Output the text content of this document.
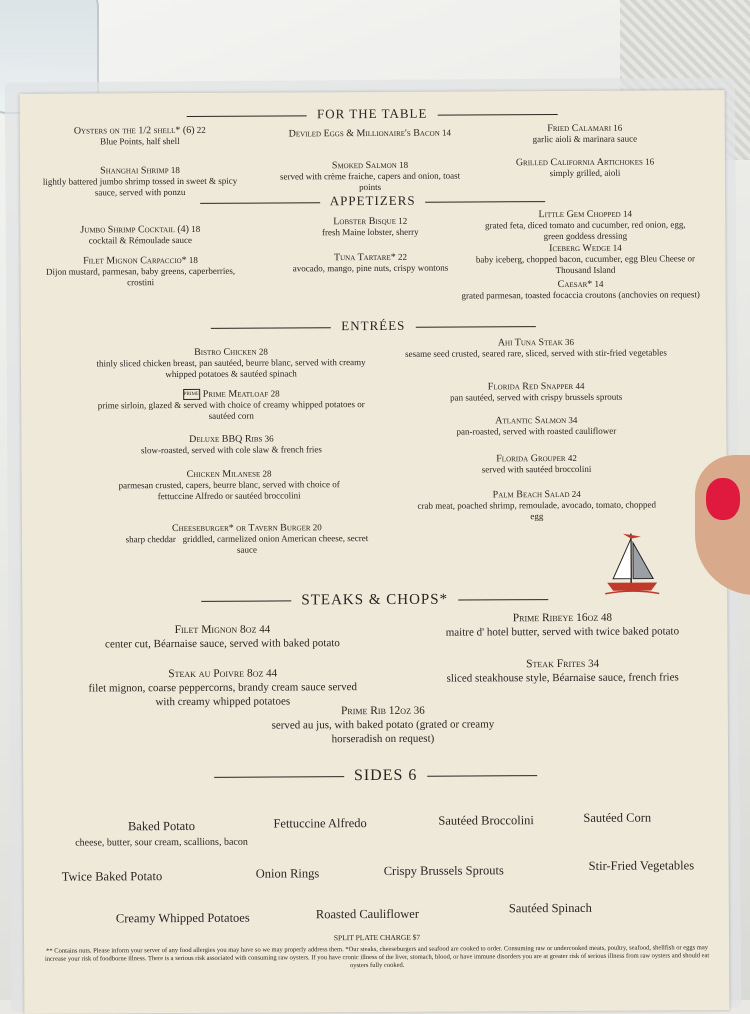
FOR THE TABLE
Oysters on the 1/2 shell* (6) 22
Blue Points, half shell
Deviled Eggs & Millionaire's Bacon 14	Fried Calamari 16
garlic aioli & marinara sauce
Shanghai Shrimp 18
lightly battered jumbo shrimp tossed in sweet & spicy sauce, served with ponzu
Smoked Salmon 18
served with crème fraiche, capers and onion, toast points
Grilled California Artichokes 16
simply grilled, aioli
APPETIZERS
Jumbo Shrimp Cocktail (4) 18
cocktail & Rémoulade sauce
Lobster Bisque 12
fresh Maine lobster, sherry
Little Gem Chopped 14
grated feta, diced tomato and cucumber, red onion, egg, green goddess dressing
Filet Mignon Carpaccio* 18
Dijon mustard, parmesan, baby greens, caperberries, crostini
Tuna Tartare* 22
avocado, mango, pine nuts, crispy wontons
Iceberg Wedge 14
baby iceberg, chopped bacon, cucumber, egg Bleu Cheese or Thousand Island
Caesar* 14
grated parmesan, toasted focaccia croutons (anchovies on request)
ENTRÉES
Bistro Chicken 28
thinly sliced chicken breast, pan sautéed, beurre blanc, served with creamy whipped potatoes & sautéed spinach
PRIME Prime Meatloaf 28
prime sirloin, glazed & served with choice of creamy whipped potatoes or sautéed corn
Deluxe BBQ Ribs 36
slow-roasted, served with cole slaw & french fries
Chicken Milanese 28
parmesan crusted, capers, beurre blanc, served with choice of fettuccine Alfredo or sautéed broccolini
Cheeseburger* or Tavern Burger 20
sharp cheddar griddled, carmelized onion American cheese, secret sauce
Ahi Tuna Steak 36
sesame seed crusted, seared rare, sliced, served with stir-fried vegetables
Florida Red Snapper 44
pan sautéed, served with crispy brussels sprouts
Atlantic Salmon 34
pan-roasted, served with roasted cauliflower
Florida Grouper 42
served with sautéed broccolini
Palm Beach Salad 24
crab meat, poached shrimp, remoulade, avocado, tomato, chopped egg
STEAKS & CHOPS*
Filet Mignon 8oz 44
center cut, Béarnaise sauce, served with baked potato
Prime Ribeye 16oz 48
maitre d' hotel butter, served with twice baked potato
Steak au Poivre 8oz 44
filet mignon, coarse peppercorns, brandy cream sauce served with creamy whipped potatoes
Steak Frites 34
sliced steakhouse style, Béarnaise sauce, french fries
Prime Rib 12oz 36
served au jus, with baked potato (grated or creamy horseradish on request)
SIDES 6
Baked Potato
cheese, butter, sour cream, scallions, bacon
Fettuccine Alfredo	Sautéed Broccolini	Sautéed Corn
Twice Baked Potato	Onion Rings	Crispy Brussels Sprouts	Stir-Fried Vegetables
Creamy Whipped Potatoes	Roasted Cauliflower	Sautéed Spinach
SPLIT PLATE CHARGE $7
** Contains nuts. Please inform your server of any food allergies you may have so we may properly address them. *Our steaks, cheeseburgers and seafood are cooked to order. Consuming raw or undercooked meats, poultry, seafood, shellfish or eggs may increase your risk of foodborne illness. There is a serious risk associated with consuming raw oysters. If you have cronic illness of the liver, stomach, blood, or have immune disorders you are at greater risk of serious illness from raw oysters and should eat oysters fully cooked.
